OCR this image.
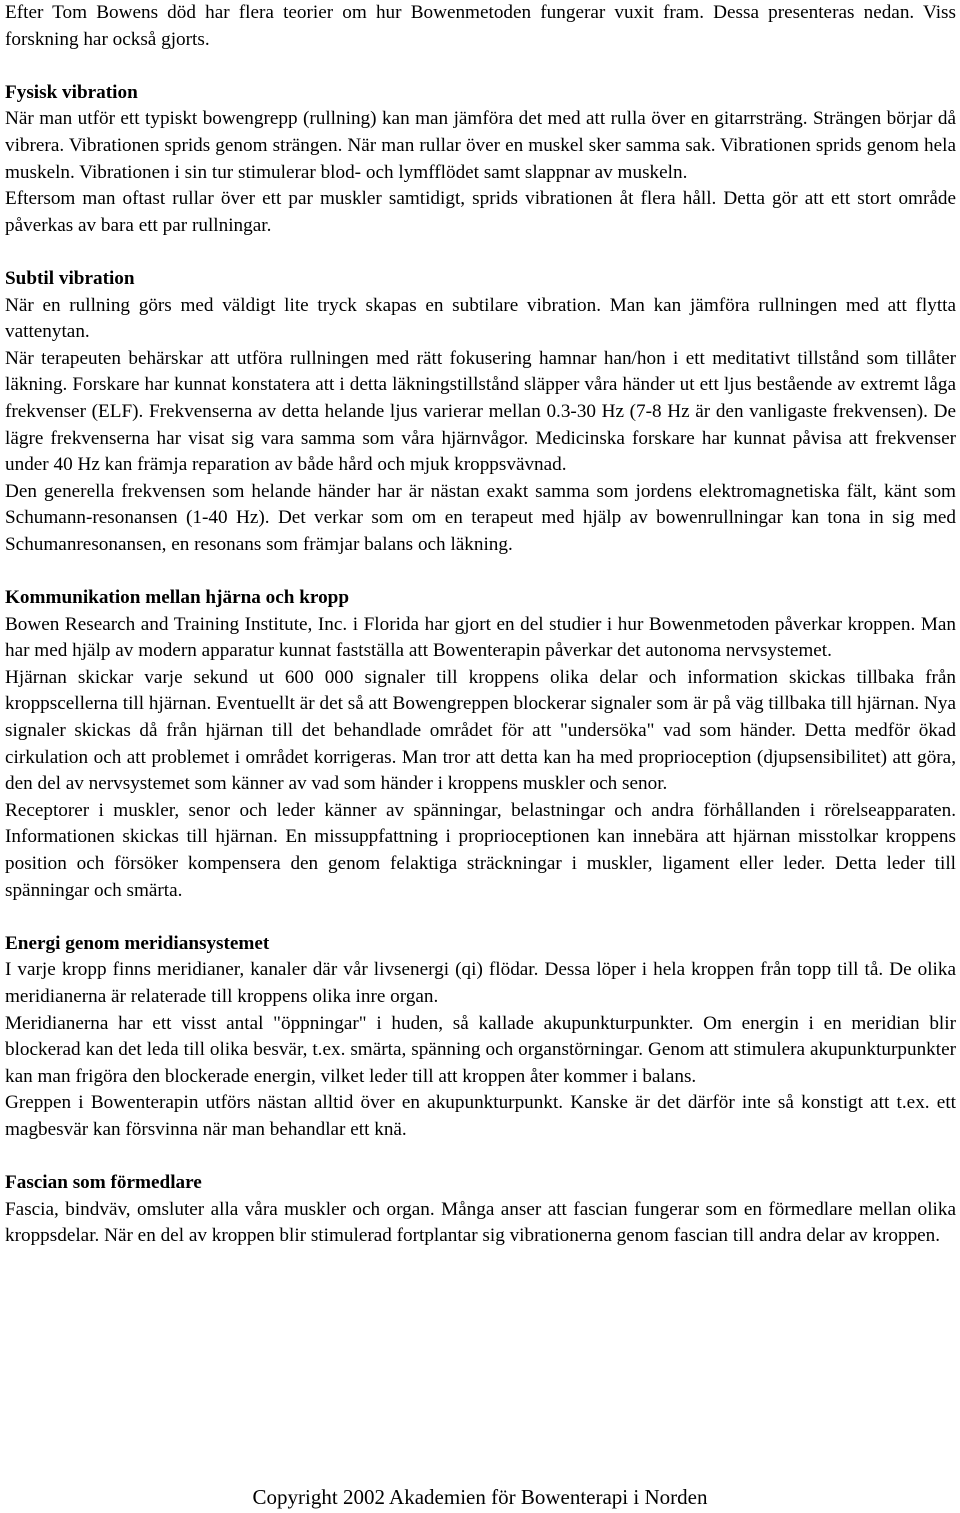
Efter Tom Bowens död har flera teorier om hur Bowenmetoden fungerar vuxit fram. Dessa presenteras nedan. Viss forskning har också gjorts.

Fysisk vibration

När man utför ett typiskt bowengrepp (rullning) kan man jämföra det med att rulla över en gitarrsträng. Strängen börjar då vibrera. Vibrationen sprids genom strängen. När man rullar över en muskel sker samma sak. Vibrationen sprids genom hela muskeln. Vibrationen i sin tur stimulerar blod- och lymfflödet samt slappnar av muskeln.

Eftersom man oftast rullar över ett par muskler samtidigt, sprids vibrationen åt flera håll. Detta gör att ett stort område påverkas av bara ett par rullningar.

Subtil vibration

När en rullning görs med väldigt lite tryck skapas en subtilare vibration. Man kan jämföra rullningen med att flytta vattenytan.

När terapeuten behärskar att utföra rullningen med rätt fokusering hamnar han/hon i ett meditativt tillstånd som tillåter läkning. Forskare har kunnat konstatera att i detta läkningstillstånd släpper våra händer ut ett ljus bestående av extremt låga frekvenser (ELF). Frekvenserna av detta helande ljus varierar mellan 0.3-30 Hz (7-8 Hz är den vanligaste frekvensen). De lägre frekvenserna har visat sig vara samma som våra hjärnvågor. Medicinska forskare har kunnat påvisa att frekvenser under 40 Hz kan främja reparation av både hård och mjuk kroppsvävnad.

Den generella frekvensen som helande händer har är nästan exakt samma som jordens elektromagnetiska fält, känt som Schumann-resonansen (1-40 Hz). Det verkar som om en terapeut med hjälp av bowenrullningar kan tona in sig med Schumanresonansen, en resonans som främjar balans och läkning.

Kommunikation mellan hjärna och kropp

Bowen Research and Training Institute, Inc. i Florida har gjort en del studier i hur Bowenmetoden påverkar kroppen. Man har med hjälp av modern apparatur kunnat fastställa att Bowenterapin påverkar det autonoma nervsystemet.

Hjärnan skickar varje sekund ut 600 000 signaler till kroppens olika delar och information skickas tillbaka från kroppscellerna till hjärnan. Eventuellt är det så att Bowengreppen blockerar signaler som är på väg tillbaka till hjärnan. Nya signaler skickas då från hjärnan till det behandlade området för att "undersöka" vad som händer. Detta medför ökad cirkulation och att problemet i området korrigeras. Man tror att detta kan ha med proprioception (djupsensibilitet) att göra, den del av nervsystemet som känner av vad som händer i kroppens muskler och senor.

Receptorer i muskler, senor och leder känner av spänningar, belastningar och andra förhållanden i rörelseapparaten. Informationen skickas till hjärnan. En missuppfattning i proprioceptionen kan innebära att hjärnan misstolkar kroppens position och försöker kompensera den genom felaktiga sträckningar i muskler, ligament eller leder. Detta leder till spänningar och smärta.

Energi genom meridiansystemet

I varje kropp finns meridianer, kanaler där vår livsenergi (qi) flödar. Dessa löper i hela kroppen från topp till tå. De olika meridianerna är relaterade till kroppens olika inre organ.

Meridianerna har ett visst antal "öppningar" i huden, så kallade akupunkturpunkter. Om energin i en meridian blir blockerad kan det leda till olika besvär, t.ex. smärta, spänning och organstörningar. Genom att stimulera akupunkturpunkter kan man frigöra den blockerade energin, vilket leder till att kroppen åter kommer i balans.

Greppen i Bowenterapin utförs nästan alltid över en akupunkturpunkt. Kanske är det därför inte så konstigt att t.ex. ett magbesvär kan försvinna när man behandlar ett knä.

Fascian som förmedlare

Fascia, bindväv, omsluter alla våra muskler och organ. Många anser att fascian fungerar som en förmedlare mellan olika kroppsdelar. När en del av kroppen blir stimulerad fortplantar sig vibrationerna genom fascian till andra delar av kroppen.

Copyright 2002 Akademien för Bowenterapi i Norden
